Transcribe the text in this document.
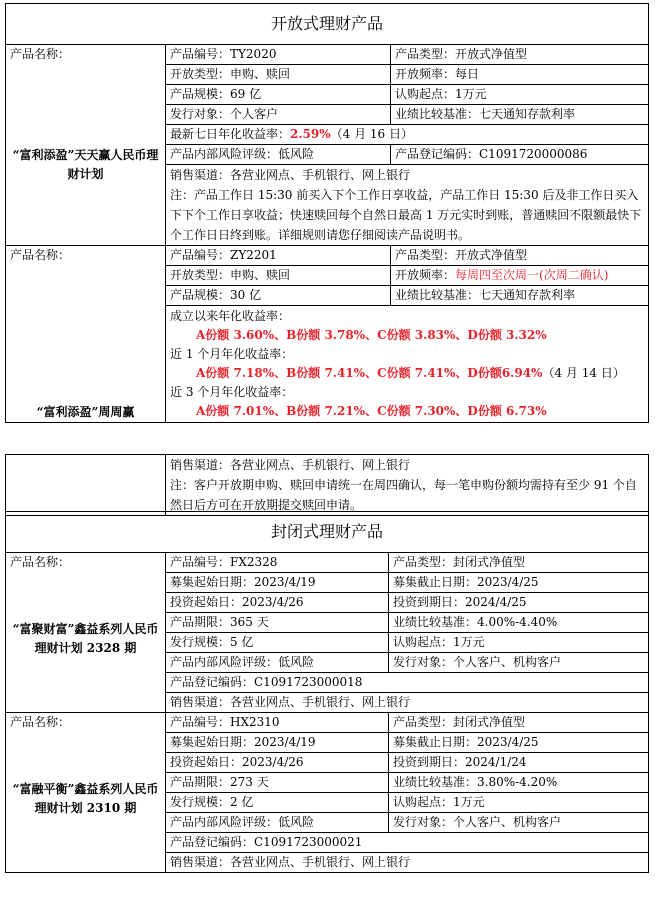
开放式理财产品		

产品名称：
“富利添盈”天天赢人民币理财计划	产品编号：TY2020	产品类型：开放式净值型
	开放类型：申购、赎回	开放频率：每日
	产品规模：69 亿	认购起点：1万元
	发行对象：个人客户	业绩比较基准：七天通知存款利率
	最新七日年化收益率：2.59%（4 月 16 日）	
	产品内部风险评级：低风险	产品登记编码：C1091720000086

	销售渠道：各营业网点、手机银行、网上银行
注：产品工作日 15:30 前买入下个工作日享收益，产品工作日 15:30 后及非工作日买入下下个工作日享收益；快速赎回每个自然日最高 1 万元实时到账，普通赎回不限额最快下个工作日日终到账。详细规则请您仔细阅读产品说明书。	

产品名称：
“富利添盈”周周赢	产品编号：ZY2201	产品类型：开放式净值型
	开放类型：申购、赎回	开放频率：每周四至次周一(次周二确认)
	产品规模：30 亿	业绩比较基准：七天通知存款利率
	成立以来年化收益率：	
	A份额 3.60%、B份额 3.78%、C份额 3.83%、D份额 3.32%	
	近 1 个月年化收益率：	
	A份额 7.18%、B份额 7.41%、C份额 7.41%、D份额6.94%（4 月 14 日）	
	近 3 个月年化收益率：	
	A份额 7.01%、B份额 7.21%、C份额 7.30%、D份额 6.73%	

销售渠道：各营业网点、手机银行、网上银行
注：客户开放期申购、赎回申请统一在周四确认，每一笔申购份额均需持有至少 91 个自然日后方可在开放期提交赎回申请。
封闭式理财产品		

产品名称：
“富聚财富”鑫益系列人民币理财计划 2328 期	产品编号：FX2328	产品类型：封闭式净值型
	募集起始日期：2023/4/19	募集截止日期：2023/4/25
	投资起始日：2023/4/26	投资到期日：2024/4/25
	产品期限：365 天	业绩比较基准：4.00%-4.40%
	发行规模：5 亿	认购起点：1万元
	产品内部风险评级：低风险	发行对象：个人客户、机构客户
	产品登记编码：C1091723000018	
	销售渠道：各营业网点、手机银行、网上银行	

产品名称：
“富融平衡”鑫益系列人民币理财计划 2310 期	产品编号：HX2310	产品类型：封闭式净值型
	募集起始日期：2023/4/19	募集截止日期：2023/4/25
	投资起始日：2023/4/26	投资到期日：2024/1/24
	产品期限：273 天	业绩比较基准：3.80%-4.20%
	发行规模：2 亿	认购起点：1万元
	产品内部风险评级：低风险	发行对象：个人客户、机构客户
	产品登记编码：C1091723000021	
	销售渠道：各营业网点、手机银行、网上银行	
